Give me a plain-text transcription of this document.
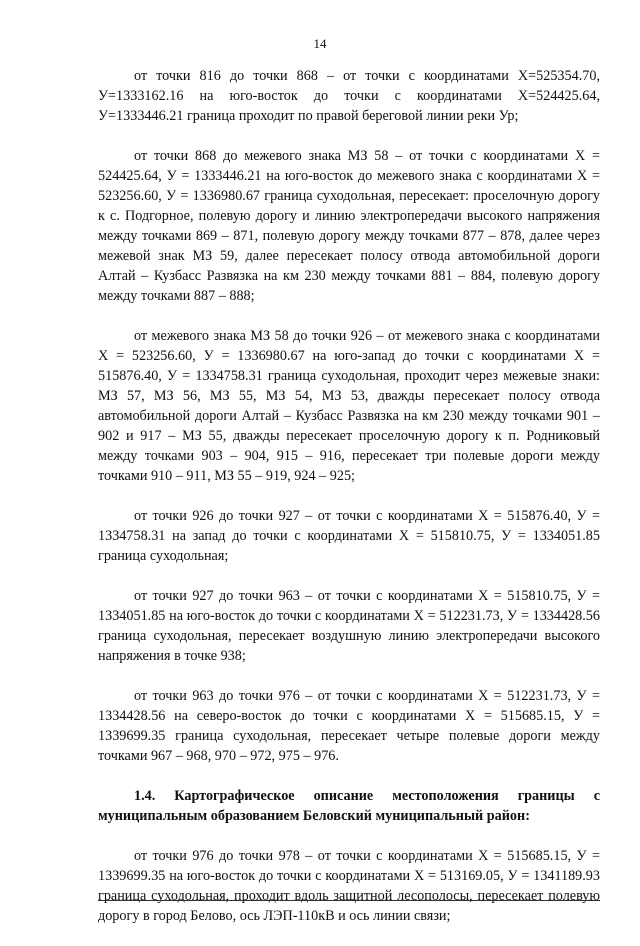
14

от точки 816 до точки 868 – от точки с координатами Х=525354.70, У=1333162.16 на юго-восток до точки с координатами Х=524425.64, У=1333446.21 граница проходит по правой береговой линии реки Ур;

от точки 868 до межевого знака МЗ 58 – от точки с координатами Х = 524425.64, У = 1333446.21 на юго-восток до межевого знака с координатами Х = 523256.60, У = 1336980.67 граница суходольная, пересекает: проселочную дорогу к с. Подгорное, полевую дорогу и линию электропередачи высокого напряжения между точками 869 – 871, полевую дорогу между точками 877 – 878, далее через межевой знак МЗ 59, далее пересекает полосу отвода автомобильной дороги Алтай – Кузбасс Развязка на км 230 между точками 881 – 884, полевую дорогу между точками 887 – 888;

от межевого знака МЗ 58 до точки 926 – от межевого знака с координатами Х = 523256.60, У = 1336980.67 на юго-запад до точки с координатами Х = 515876.40, У = 1334758.31 граница суходольная, проходит через межевые знаки: МЗ 57, МЗ 56, МЗ 55, МЗ 54, МЗ 53, дважды пересекает полосу отвода автомобильной дороги Алтай – Кузбасс Развязка на км 230 между точками 901 – 902 и 917 – МЗ 55, дважды пересекает проселочную дорогу к п. Родниковый между точками 903 – 904, 915 – 916, пересекает три полевые дороги между точками 910 – 911, МЗ 55 – 919, 924 – 925;

от точки 926 до точки 927 – от точки с координатами Х = 515876.40, У = 1334758.31 на запад до точки с координатами Х = 515810.75, У = 1334051.85 граница суходольная;

от точки 927 до точки 963 – от точки с координатами Х = 515810.75, У = 1334051.85 на юго-восток до точки с координатами Х = 512231.73, У = 1334428.56 граница суходольная, пересекает воздушную линию электропередачи высокого напряжения в точке 938;

от точки 963 до точки 976 – от точки с координатами Х = 512231.73, У = 1334428.56 на северо-восток до точки с координатами Х = 515685.15, У = 1339699.35 граница суходольная, пересекает четыре полевые дороги между точками 967 – 968, 970 – 972, 975 – 976.

1.4. Картографическое описание местоположения границы с муниципальным образованием Беловский муниципальный район:

от точки 976 до точки 978 – от точки с координатами Х = 515685.15, У = 1339699.35 на юго-восток до точки с координатами Х = 513169.05, У = 1341189.93 граница суходольная, проходит вдоль защитной лесополосы, пересекает полевую дорогу в город Белово, ось ЛЭП-110кВ и ось линии связи;
